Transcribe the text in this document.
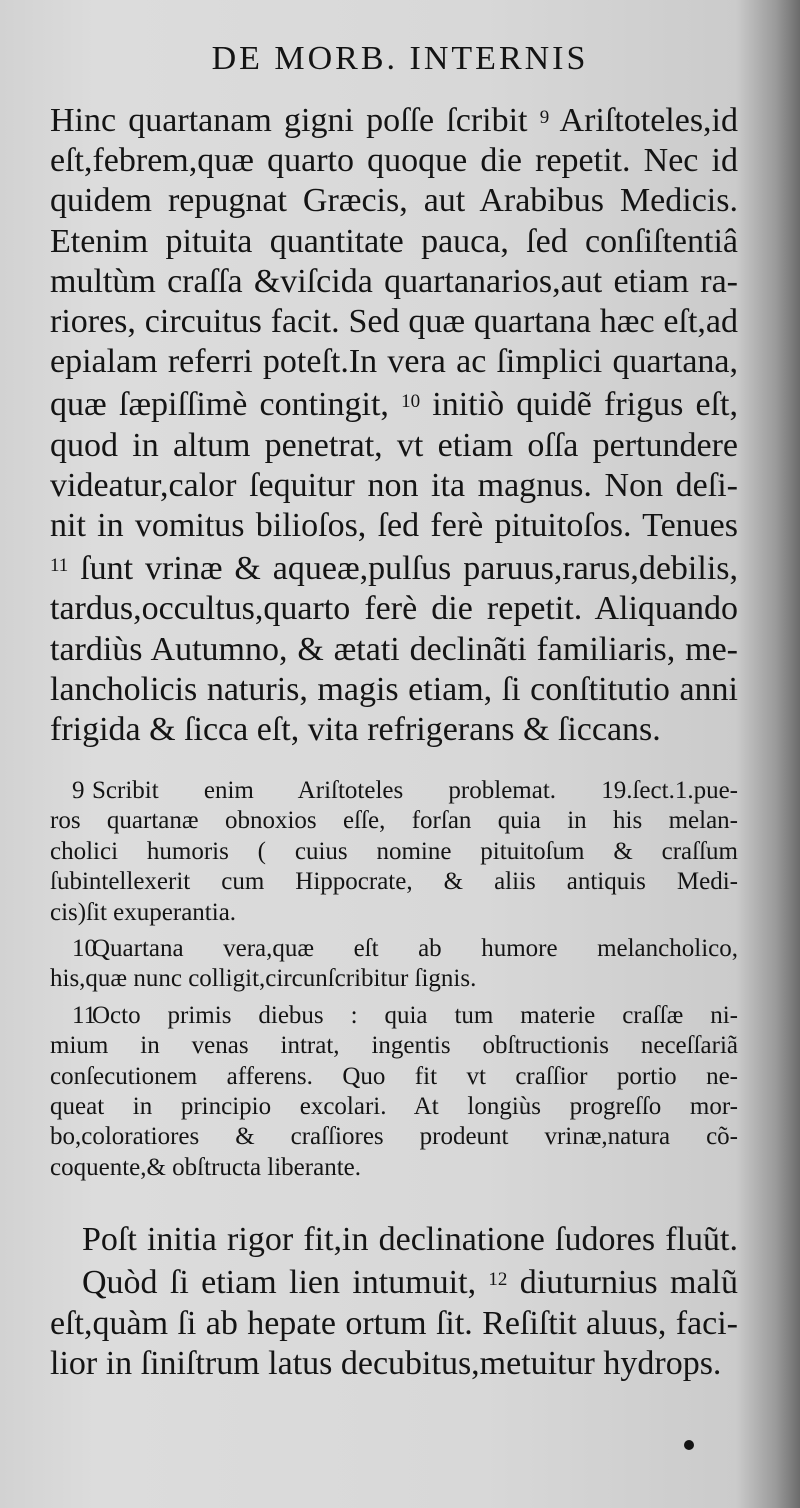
DE MORB. INTERNIS
Hinc quartanam gigni poſſe ſcribit $^9$ Ariſtoteles,id
eſt,febrem,quæ quarto quoque die repetit. Nec id
quidem repugnat Græcis, aut Arabibus Medicis.
Etenim pituita quantitate pauca, ſed conſiſtentiâ
multùm craſſa &viſcida quartanarios,aut etiam ra-
riores, circuitus facit. Sed quæ quartana hæc eſt,ad
epialam referri poteſt.In vera ac ſimplici quartana,
quæ ſæpiſſimè contingit, $^{10}$ initiò quidẽ frigus eſt,
quod in altum penetrat, vt etiam oſſa pertundere
videatur,calor ſequitur non ita magnus. Non deſi-
nit in vomitus bilioſos, ſed ferè pituitoſos. Tenues
$^{11}$ ſunt vrinæ & aqueæ,pulſus paruus,rarus,debilis,
tardus,occultus,quarto ferè die repetit. Aliquando
tardiùs Autumno, & ætati declinãti familiaris, me-
lancholicis naturis, magis etiam, ſi conſtitutio anni
frigida & ſicca eſt, vita refrigerans & ſiccans.
9 Scribit enim Ariſtoteles problemat. 19.ſect.1.pue-
ros quartanæ obnoxios eſſe, forſan quia in his melan-
cholici humoris ( cuius nomine pituitoſum & craſſum
ſubintellexerit cum Hippocrate, & aliis antiquis Medi-
cis)ſit exuperantia.
10Quartana vera,quæ eſt ab humore melancholico,
his,quæ nunc colligit,circunſcribitur ſignis.
11Octo primis diebus : quia tum materie craſſæ ni-
mium in venas intrat, ingentis obſtructionis neceſſariã
conſecutionem afferens. Quo fit vt craſſior portio ne-
queat in principio excolari. At longiùs progreſſo mor-
bo,coloratiores & craſſiores prodeunt vrinæ,natura cõ-
coquente,& obſtructa liberante.
Poſt initia rigor fit,in declinatione ſudores fluũt.
Quòd ſi etiam lien intumuit, $^{12}$ diuturnius malũ
eſt,quàm ſi ab hepate ortum ſit. Reſiſtit aluus, faci-
lior in ſiniſtrum latus decubitus,metuitur hydrops.
